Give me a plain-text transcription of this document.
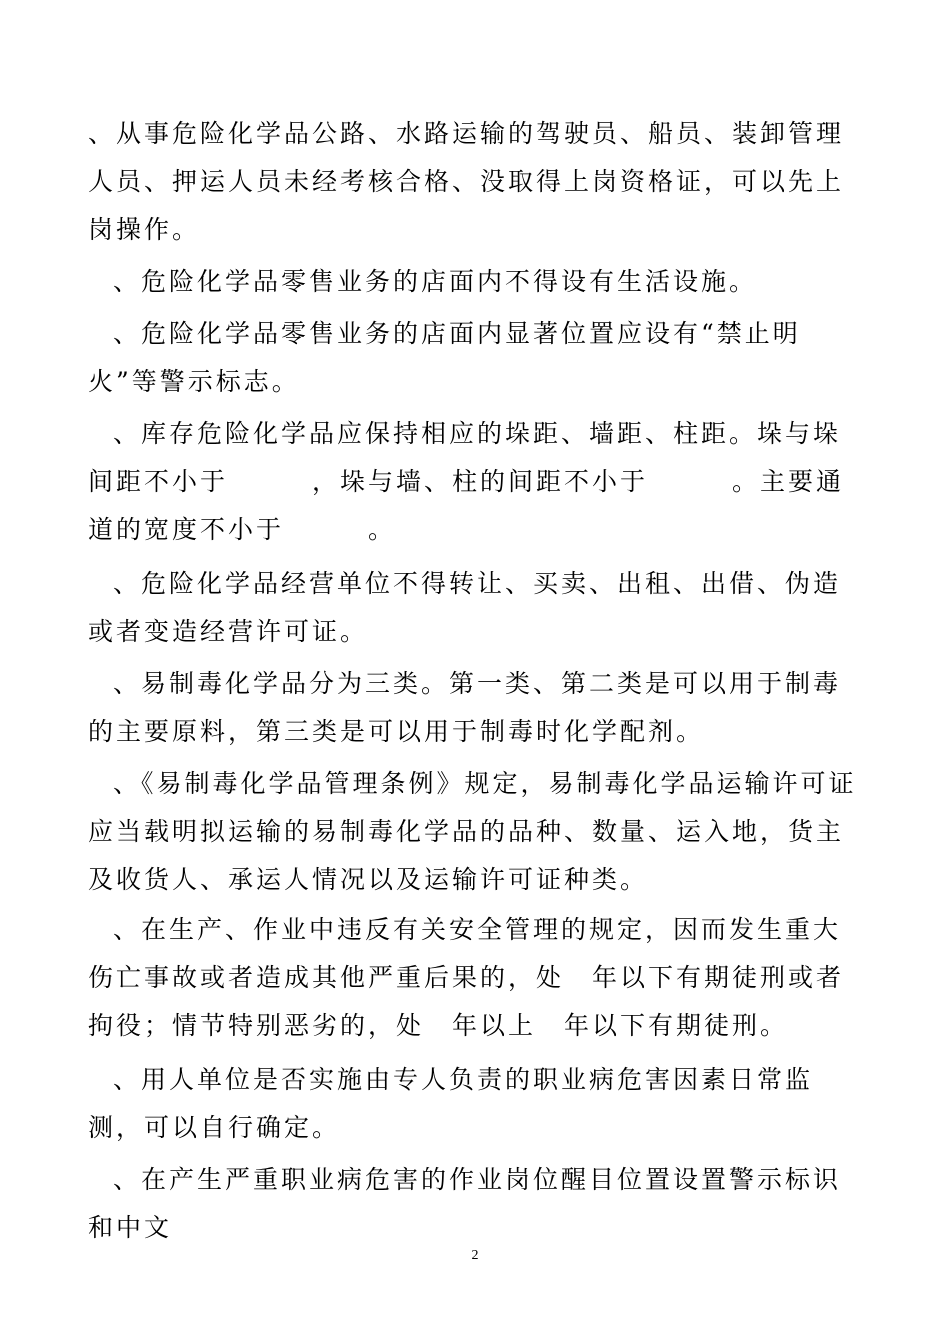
、从事危险化学品公路、水路运输的驾驶员、船员、装卸管理人员、押运人员未经考核合格、没取得上岗资格证，可以先上岗操作。

、危险化学品零售业务的店面内不得设有生活设施。

、危险化学品零售业务的店面内显著位置应设有“禁止明火”等警示标志。

、库存危险化学品应保持相应的垛距、墙距、柱距。垛与垛间距不小于　　　，垛与墙、柱的间距不小于　　　。主要通道的宽度不小于　　　。

、危险化学品经营单位不得转让、买卖、出租、出借、伪造或者变造经营许可证。

、易制毒化学品分为三类。第一类、第二类是可以用于制毒的主要原料，第三类是可以用于制毒时化学配剂。

、《易制毒化学品管理条例》规定，易制毒化学品运输许可证应当载明拟运输的易制毒化学品的品种、数量、运入地，货主及收货人、承运人情况以及运输许可证种类。

、在生产、作业中违反有关安全管理的规定，因而发生重大伤亡事故或者造成其他严重后果的，处　年以下有期徒刑或者拘役；情节特别恶劣的，处　年以上　年以下有期徒刑。

、用人单位是否实施由专人负责的职业病危害因素日常监测，可以自行确定。

、在产生严重职业病危害的作业岗位醒目位置设置警示标识和中文

2
